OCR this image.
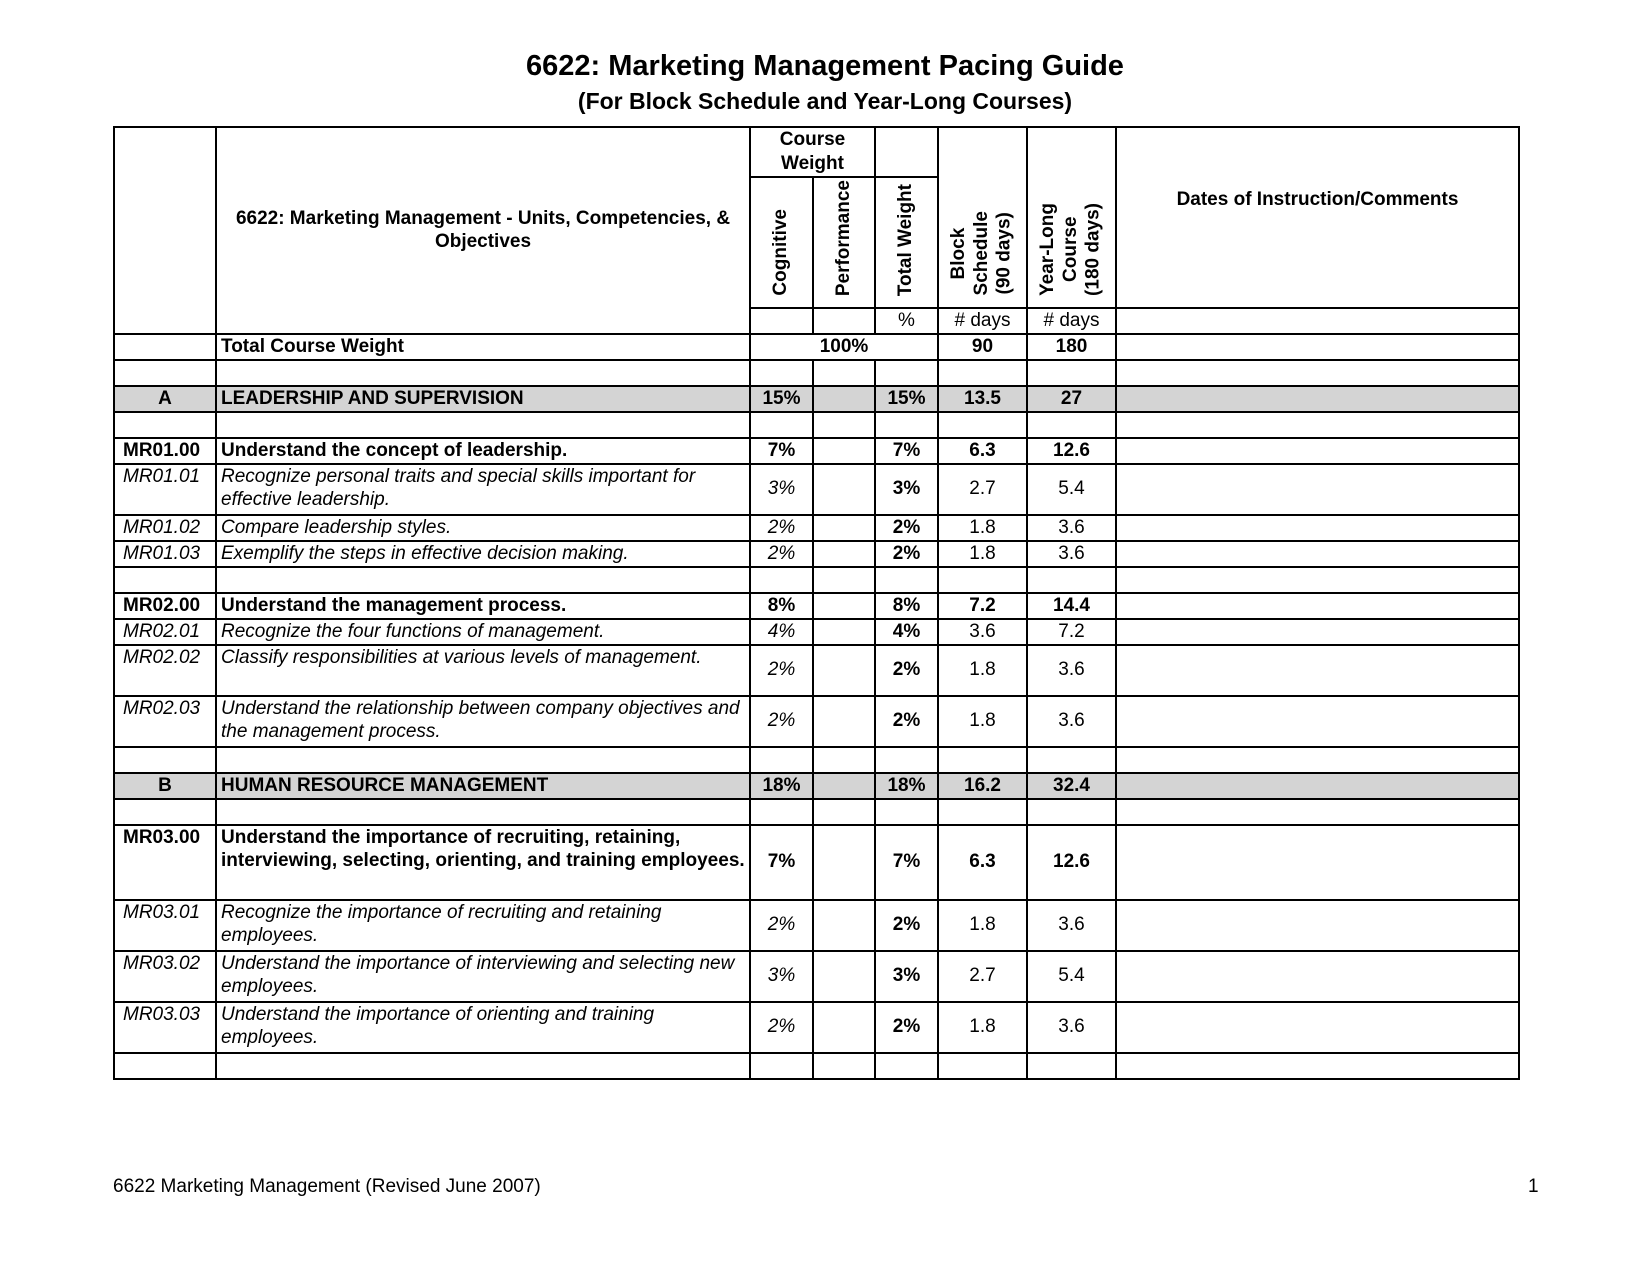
6622: Marketing Management Pacing Guide
(For Block Schedule and Year-Long Courses)
	6622: Marketing Management - Units, Competencies, & Objectives	Course Weight			Block
Schedule
(90 days)	Year-Long
Course
(180 days)	Dates of Instruction/Comments
		Cognitive	Performance	Total Weight			
				%	# days	# days	
	Total Course Weight	100%			90	180	

A	LEADERSHIP AND SUPERVISION	15%		15%	13.5	27	

MR01.00	Understand the concept of leadership.	7%		7%	6.3	12.6	
MR01.01	Recognize personal traits and special skills important for effective leadership.	3%		3%	2.7	5.4	
MR01.02	Compare leadership styles.	2%		2%	1.8	3.6	
MR01.03	Exemplify the steps in effective decision making.	2%		2%	1.8	3.6	

MR02.00	Understand the management process.	8%		8%	7.2	14.4	
MR02.01	Recognize the four functions of management.	4%		4%	3.6	7.2	
MR02.02	Classify responsibilities at various levels of management.	2%		2%	1.8	3.6	
MR02.03	Understand the relationship between company objectives and the management process.	2%		2%	1.8	3.6	

B	HUMAN RESOURCE MANAGEMENT	18%		18%	16.2	32.4	

MR03.00	Understand the importance of recruiting, retaining, interviewing, selecting, orienting, and training employees.	7%		7%	6.3	12.6	
MR03.01	Recognize the importance of recruiting and retaining employees.	2%		2%	1.8	3.6	
MR03.02	Understand the importance of interviewing and selecting new employees.	3%		3%	2.7	5.4	
MR03.03	Understand the importance of orienting and training employees.	2%		2%	1.8	3.6	

6622 Marketing Management (Revised June 2007)	1
